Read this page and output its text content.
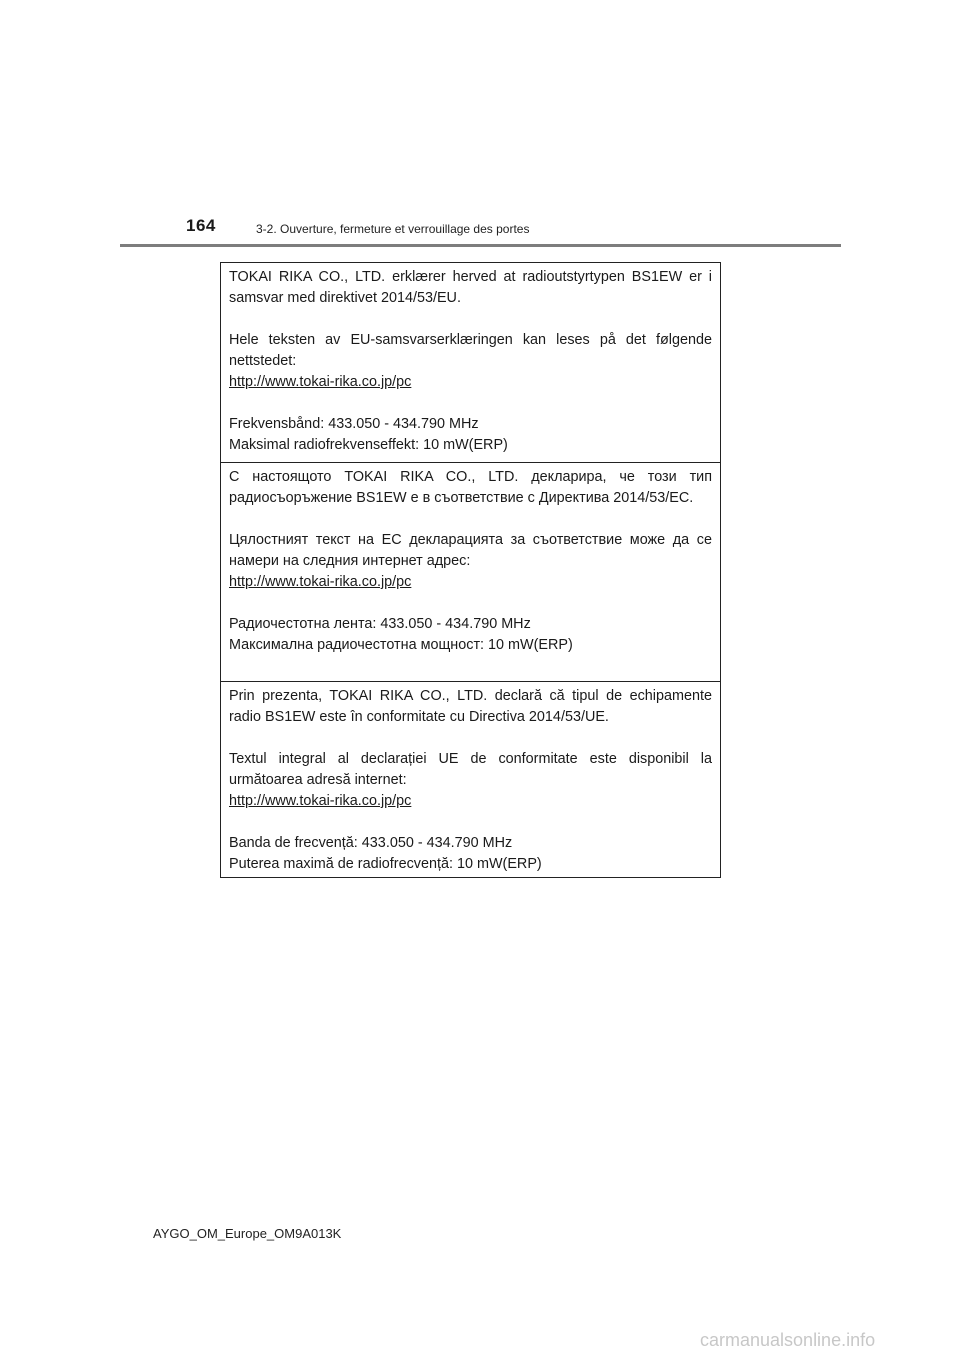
164	3-2. Ouverture, fermeture et verrouillage des portes

TOKAI RIKA CO., LTD. erklærer herved at radioutstyrtypen BS1EW er i samsvar med direktivet 2014/53/EU.

Hele teksten av EU-samsvarserklæringen kan leses på det følgende nettstedet:
http://www.tokai-rika.co.jp/pc

Frekvensbånd: 433.050 - 434.790 MHz
Maksimal radiofrekvenseffekt: 10 mW(ERP)

С настоящото TOKAI RIKA CO., LTD. декларира, че този тип радиосъоръжение BS1EW е в съответствие с Директива 2014/53/ЕС.

Цялостният текст на ЕС декларацията за съответствие може да се намери на следния интернет адрес:
http://www.tokai-rika.co.jp/pc

Радиочестотна лента: 433.050 - 434.790 MHz
Максимална радиочестотна мощност: 10 mW(ERP)

Prin prezenta, TOKAI RIKA CO., LTD. declară că tipul de echipamente radio BS1EW este în conformitate cu Directiva 2014/53/UE.

Textul integral al declarației UE de conformitate este disponibil la următoarea adresă internet:
http://www.tokai-rika.co.jp/pc

Banda de frecvență: 433.050 - 434.790 MHz
Puterea maximă de radiofrecvență: 10 mW(ERP)

AYGO_OM_Europe_OM9A013K
carmanualsonline.info
